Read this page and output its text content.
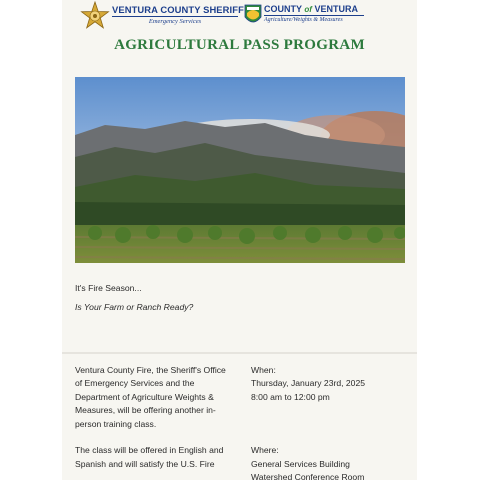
VENTURA COUNTY SHERIFF
Emergency Services
COUNTY of VENTURA
Agriculture/Weights & Measures
AGRICULTURAL PASS PROGRAM
It's Fire Season...
Is Your Farm or Ranch Ready?

Ventura County Fire, the Sheriff's Office of Emergency Services and the Department of Agriculture Weights & Measures, will be offering another in-person training class.

The class will be offered in English and Spanish and will satisfy the U.S. Fire

When:
Thursday, January 23rd, 2025
8:00 am to 12:00 pm
Where:
General Services Building
Watershed Conference Room
